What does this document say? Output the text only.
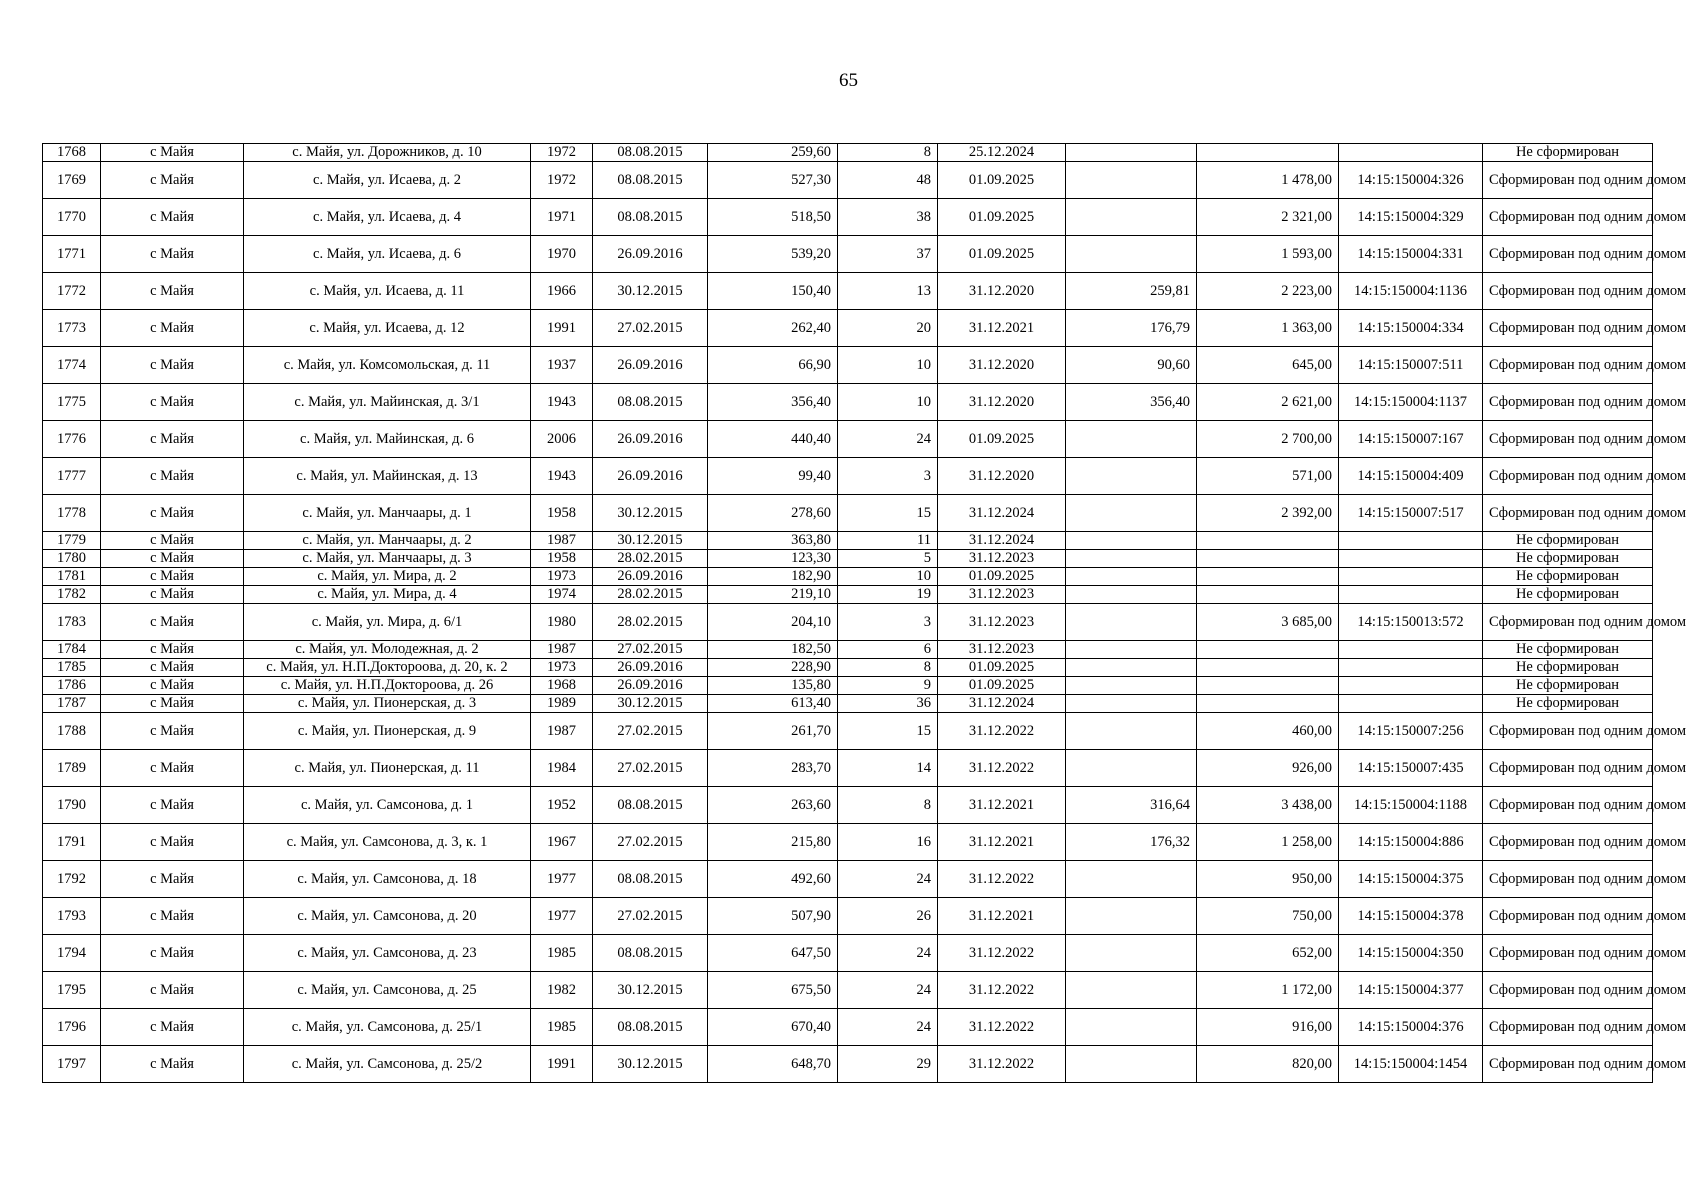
65
1768	с Майя	с. Майя, ул. Дорожников, д. 10	1972	08.08.2015	259,60	8	25.12.2024				Не сформирован
1769	с Майя	с. Майя, ул. Исаева, д. 2	1972	08.08.2015	527,30	48	01.09.2025		1 478,00	14:15:150004:326	Сформирован под одним домом
1770	с Майя	с. Майя, ул. Исаева, д. 4	1971	08.08.2015	518,50	38	01.09.2025		2 321,00	14:15:150004:329	Сформирован под одним домом
1771	с Майя	с. Майя, ул. Исаева, д. 6	1970	26.09.2016	539,20	37	01.09.2025		1 593,00	14:15:150004:331	Сформирован под одним домом
1772	с Майя	с. Майя, ул. Исаева, д. 11	1966	30.12.2015	150,40	13	31.12.2020	259,81	2 223,00	14:15:150004:1136	Сформирован под одним домом
1773	с Майя	с. Майя, ул. Исаева, д. 12	1991	27.02.2015	262,40	20	31.12.2021	176,79	1 363,00	14:15:150004:334	Сформирован под одним домом
1774	с Майя	с. Майя, ул. Комсомольская, д. 11	1937	26.09.2016	66,90	10	31.12.2020	90,60	645,00	14:15:150007:511	Сформирован под одним домом
1775	с Майя	с. Майя, ул. Майинская, д. 3/1	1943	08.08.2015	356,40	10	31.12.2020	356,40	2 621,00	14:15:150004:1137	Сформирован под одним домом
1776	с Майя	с. Майя, ул. Майинская, д. 6	2006	26.09.2016	440,40	24	01.09.2025		2 700,00	14:15:150007:167	Сформирован под одним домом
1777	с Майя	с. Майя, ул. Майинская, д. 13	1943	26.09.2016	99,40	3	31.12.2020		571,00	14:15:150004:409	Сформирован под одним домом
1778	с Майя	с. Майя, ул. Манчаары, д. 1	1958	30.12.2015	278,60	15	31.12.2024		2 392,00	14:15:150007:517	Сформирован под одним домом
1779	с Майя	с. Майя, ул. Манчаары, д. 2	1987	30.12.2015	363,80	11	31.12.2024				Не сформирован
1780	с Майя	с. Майя, ул. Манчаары, д. 3	1958	28.02.2015	123,30	5	31.12.2023				Не сформирован
1781	с Майя	с. Майя, ул. Мира, д. 2	1973	26.09.2016	182,90	10	01.09.2025				Не сформирован
1782	с Майя	с. Майя, ул. Мира, д. 4	1974	28.02.2015	219,10	19	31.12.2023				Не сформирован
1783	с Майя	с. Майя, ул. Мира, д. 6/1	1980	28.02.2015	204,10	3	31.12.2023		3 685,00	14:15:150013:572	Сформирован под одним домом
1784	с Майя	с. Майя, ул. Молодежная, д. 2	1987	27.02.2015	182,50	6	31.12.2023				Не сформирован
1785	с Майя	с. Майя, ул. Н.П.Доктороова, д. 20, к. 2	1973	26.09.2016	228,90	8	01.09.2025				Не сформирован
1786	с Майя	с. Майя, ул. Н.П.Доктороова, д. 26	1968	26.09.2016	135,80	9	01.09.2025				Не сформирован
1787	с Майя	с. Майя, ул. Пионерская, д. 3	1989	30.12.2015	613,40	36	31.12.2024				Не сформирован
1788	с Майя	с. Майя, ул. Пионерская, д. 9	1987	27.02.2015	261,70	15	31.12.2022		460,00	14:15:150007:256	Сформирован под одним домом
1789	с Майя	с. Майя, ул. Пионерская, д. 11	1984	27.02.2015	283,70	14	31.12.2022		926,00	14:15:150007:435	Сформирован под одним домом
1790	с Майя	с. Майя, ул. Самсонова, д. 1	1952	08.08.2015	263,60	8	31.12.2021	316,64	3 438,00	14:15:150004:1188	Сформирован под одним домом
1791	с Майя	с. Майя, ул. Самсонова, д. 3, к. 1	1967	27.02.2015	215,80	16	31.12.2021	176,32	1 258,00	14:15:150004:886	Сформирован под одним домом
1792	с Майя	с. Майя, ул. Самсонова, д. 18	1977	08.08.2015	492,60	24	31.12.2022		950,00	14:15:150004:375	Сформирован под одним домом
1793	с Майя	с. Майя, ул. Самсонова, д. 20	1977	27.02.2015	507,90	26	31.12.2021		750,00	14:15:150004:378	Сформирован под одним домом
1794	с Майя	с. Майя, ул. Самсонова, д. 23	1985	08.08.2015	647,50	24	31.12.2022		652,00	14:15:150004:350	Сформирован под одним домом
1795	с Майя	с. Майя, ул. Самсонова, д. 25	1982	30.12.2015	675,50	24	31.12.2022		1 172,00	14:15:150004:377	Сформирован под одним домом
1796	с Майя	с. Майя, ул. Самсонова, д. 25/1	1985	08.08.2015	670,40	24	31.12.2022		916,00	14:15:150004:376	Сформирован под одним домом
1797	с Майя	с. Майя, ул. Самсонова, д. 25/2	1991	30.12.2015	648,70	29	31.12.2022		820,00	14:15:150004:1454	Сформирован под одним домом
